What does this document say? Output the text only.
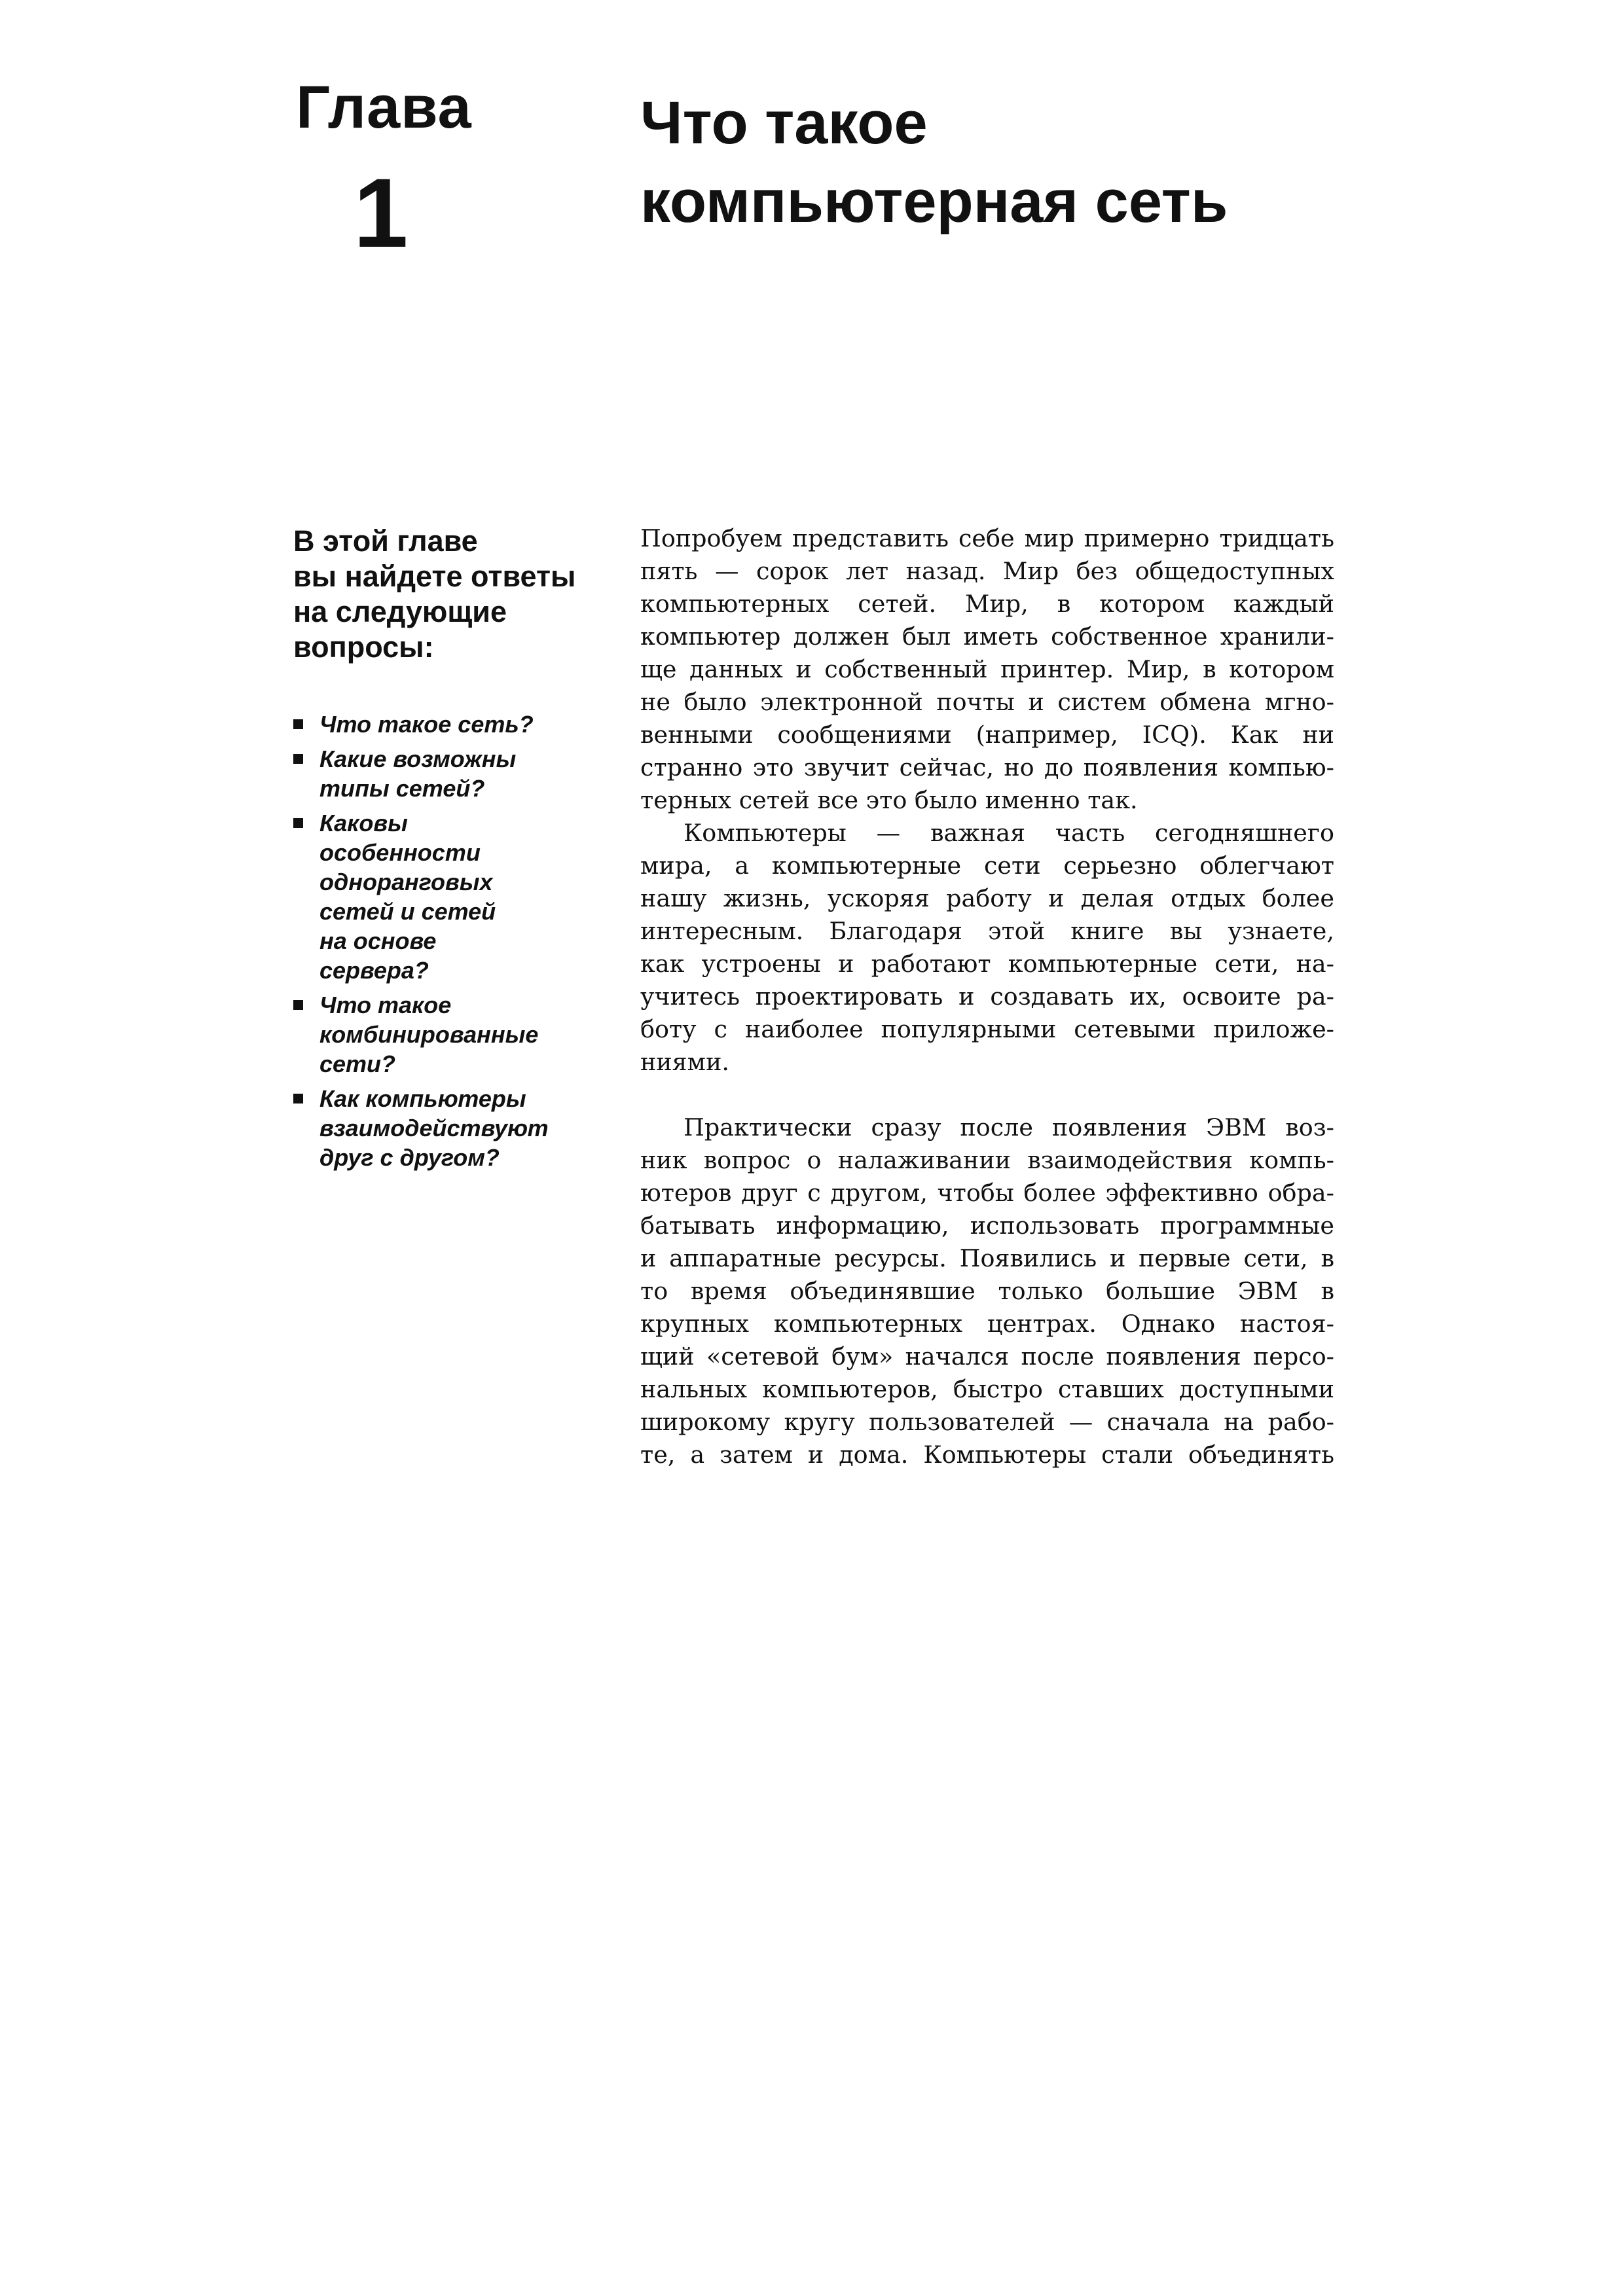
Глава
1
Что такое
компьютерная сеть
В этой главе
вы найдете ответы
на следующие
вопросы:
Что такое сеть?
Какие возможны
типы сетей?
Каковы
особенности
одноранговых
сетей и сетей
на основе
сервера?
Что такое
комбинированные
сети?
Как компьютеры
взаимодействуют
друг с другом?

Попробуем представить себе мир примерно тридцать
пять — сорок лет назад. Мир без общедоступных
компьютерных сетей. Мир, в котором каждый
компьютер должен был иметь собственное хранили-
ще данных и собственный принтер. Мир, в котором
не было электронной почты и систем обмена мгно-
венными сообщениями (например, ICQ). Как ни
странно это звучит сейчас, но до появления компью-
терных сетей все это было именно так.

Компьютеры — важная часть сегодняшнего
мира, а компьютерные сети серьезно облегчают
нашу жизнь, ускоряя работу и делая отдых более
интересным. Благодаря этой книге вы узнаете,
как устроены и работают компьютерные сети, на-
учитесь проектировать и создавать их, освоите ра-
боту с наиболее популярными сетевыми приложе-
ниями.

Практически сразу после появления ЭВМ воз-
ник вопрос о налаживании взаимодействия компь-
ютеров друг с другом, чтобы более эффективно обра-
батывать информацию, использовать программные
и аппаратные ресурсы. Появились и первые сети, в
то время объединявшие только большие ЭВМ в
крупных компьютерных центрах. Однако настоя-
щий «сетевой бум» начался после появления персо-
нальных компьютеров, быстро ставших доступными
широкому кругу пользователей — сначала на рабо-
те, а затем и дома. Компьютеры стали объединять
